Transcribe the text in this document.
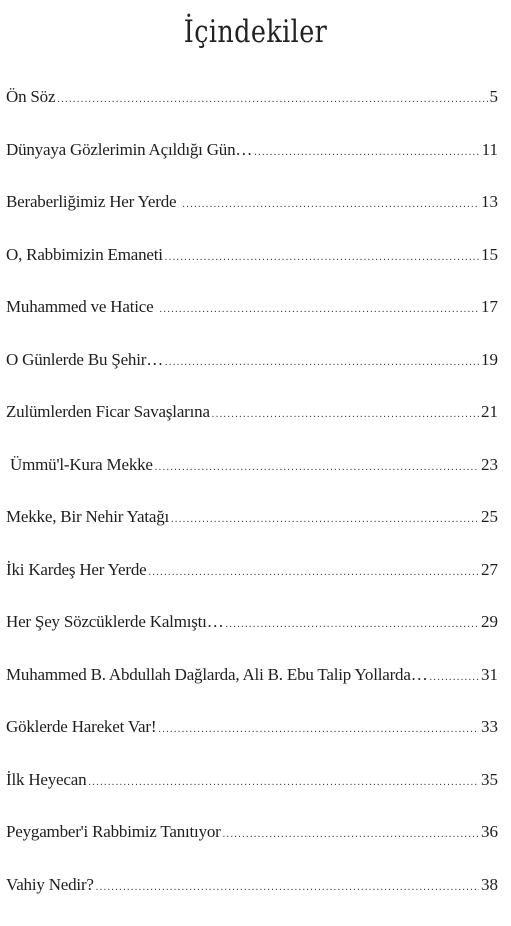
İçindekiler
Ön Söz .....	5
Dünyaya Gözlerimin Açıldığı Gün… .....	11
Beraberliğimiz Her Yerde .....	13
O, Rabbimizin Emaneti .....	15
Muhammed ve Hatice .....	17
O Günlerde Bu Şehir… .....	19
Zulümlerden Ficar Savaşlarına .....	21
Ümmü'l-Kura Mekke .....	23
Mekke, Bir Nehir Yatağı .....	25
İki Kardeş Her Yerde .....	27
Her Şey Sözcüklerde Kalmıştı… .....	29
Muhammed B. Abdullah Dağlarda, Ali B. Ebu Talip Yollarda… .....	31
Göklerde Hareket Var! .....	33
İlk Heyecan .....	35
Peygamber'i Rabbimiz Tanıtıyor .....	36
Vahiy Nedir? .....	38
